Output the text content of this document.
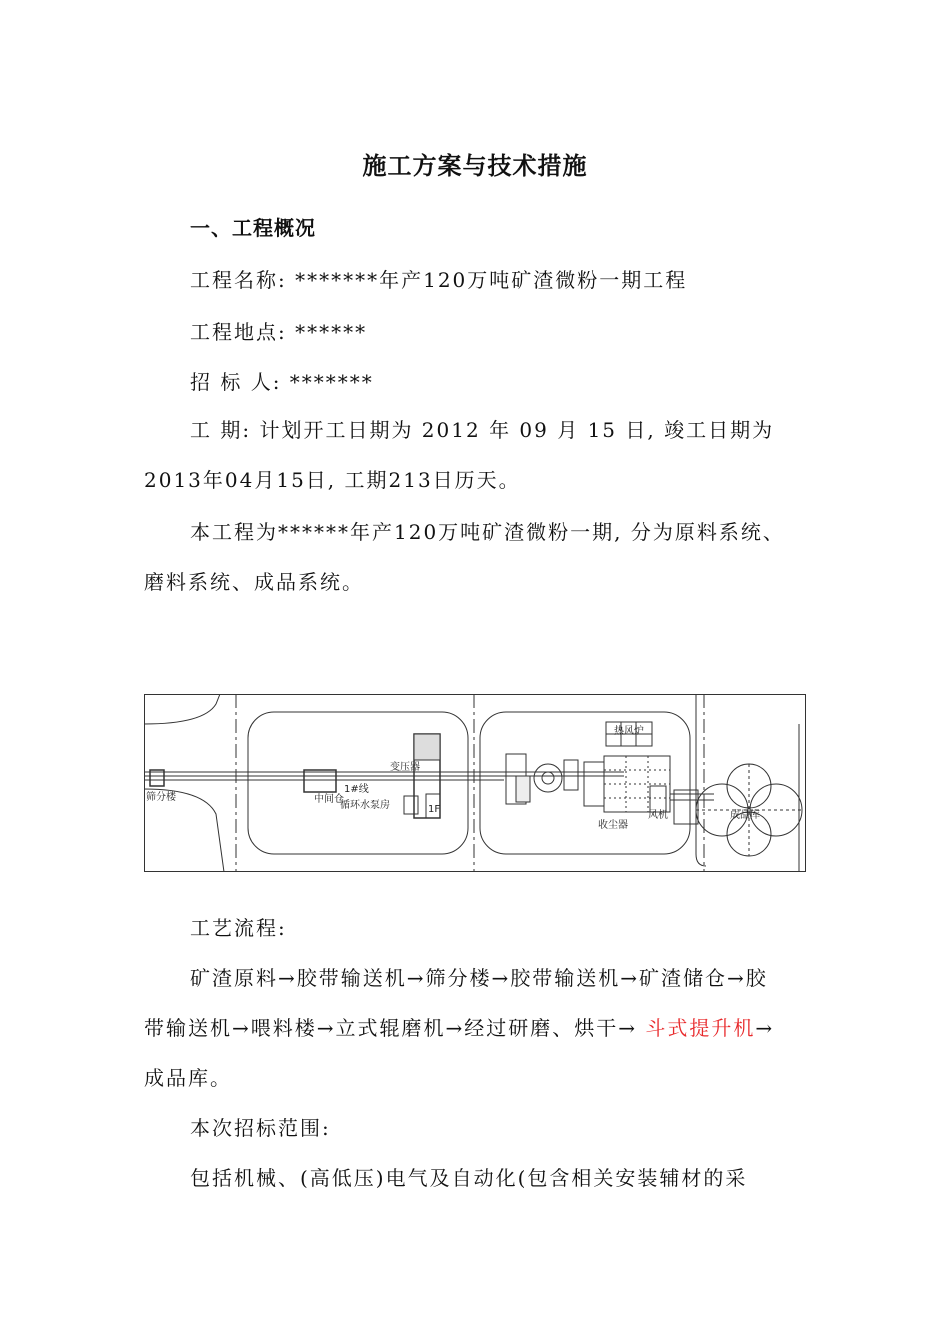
施工方案与技术措施
一、工程概况
工程名称: *******年产120万吨矿渣微粉一期工程
工程地点: ******
招 标 人: *******
工 期: 计划开工日期为 2012 年 09 月 15 日, 竣工日期为
2013年04月15日, 工期213日历天。
本工程为******年产120万吨矿渣微粉一期, 分为原料系统、
磨料系统、成品系统。
筛分楼	中间仓
1#线
循环水泵房
变压器
1F
收尘器
风机	成品库
热风炉
工艺流程:
矿渣原料→胶带输送机→筛分楼→胶带输送机→矿渣储仓→胶
带输送机→喂料楼→立式辊磨机→经过研磨、烘干→ 斗式提升机→
成品库。
本次招标范围:
包括机械、(高低压)电气及自动化(包含相关安装辅材的采
